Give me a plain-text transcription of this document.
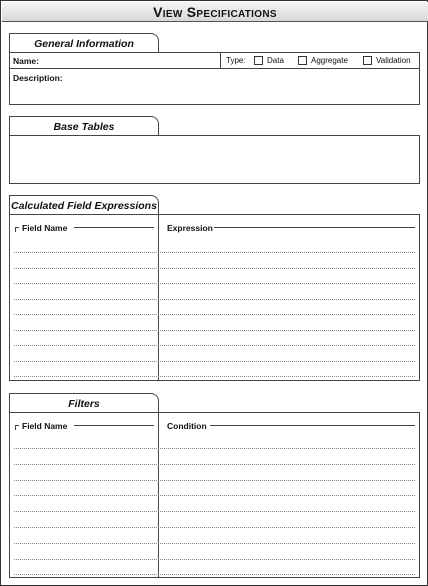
View Specifications
General Information
Name:	Type:	Data	Aggregate	Validation
Description:
Base Tables
Calculated Field Expressions
Field Name	Expression
Filters
Field Name	Condition
